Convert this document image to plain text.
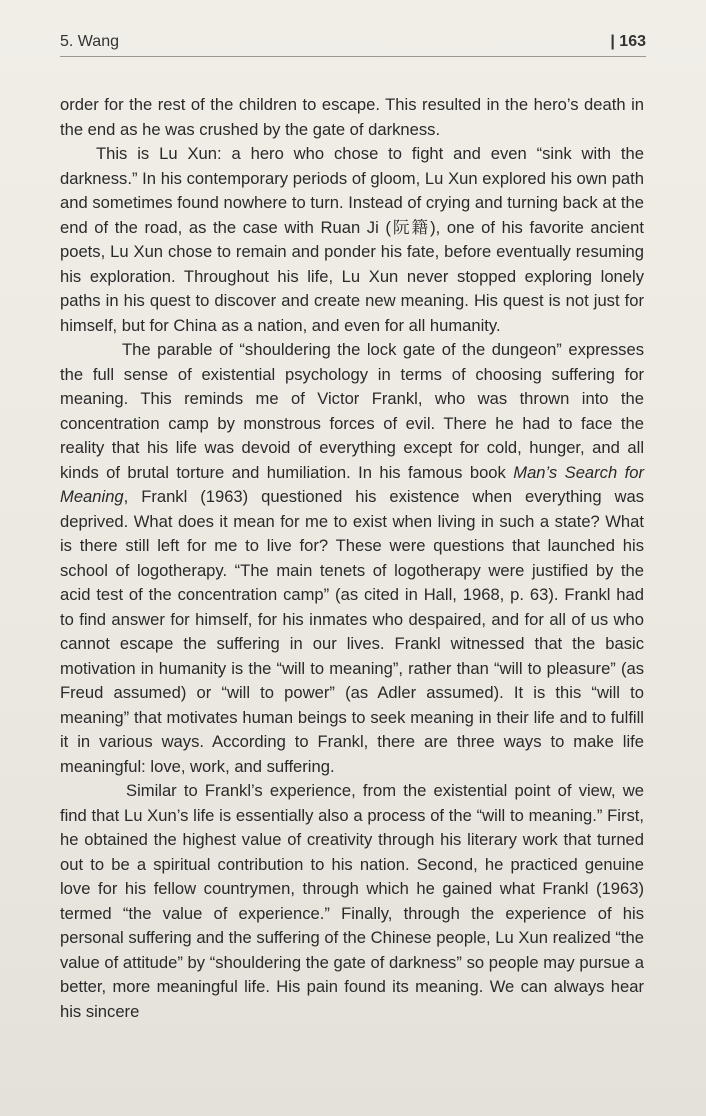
5. Wang	| 163

order for the rest of the children to escape. This resulted in the hero’s death in the end as he was crushed by the gate of darkness.

This is Lu Xun: a hero who chose to fight and even “sink with the darkness.” In his contemporary periods of gloom, Lu Xun explored his own path and sometimes found nowhere to turn. Instead of crying and turning back at the end of the road, as the case with Ruan Ji (阮籍), one of his favorite ancient poets, Lu Xun chose to remain and ponder his fate, before eventually resuming his exploration. Throughout his life, Lu Xun never stopped exploring lonely paths in his quest to discover and create new meaning. His quest is not just for himself, but for China as a nation, and even for all humanity.

The parable of “shouldering the lock gate of the dungeon” expresses the full sense of existential psychology in terms of choosing suffering for meaning. This reminds me of Victor Frankl, who was thrown into the concentration camp by monstrous forces of evil. There he had to face the reality that his life was devoid of everything except for cold, hunger, and all kinds of brutal torture and humiliation. In his famous book Man’s Search for Meaning, Frankl (1963) questioned his existence when everything was deprived. What does it mean for me to exist when living in such a state? What is there still left for me to live for? These were questions that launched his school of logotherapy. “The main tenets of logotherapy were justified by the acid test of the concentration camp” (as cited in Hall, 1968, p. 63). Frankl had to find answer for himself, for his inmates who despaired, and for all of us who cannot escape the suffering in our lives. Frankl witnessed that the basic motivation in humanity is the “will to meaning”, rather than “will to pleasure” (as Freud assumed) or “will to power” (as Adler assumed). It is this “will to meaning” that motivates human beings to seek meaning in their life and to fulfill it in various ways. According to Frankl, there are three ways to make life meaningful: love, work, and suffering.

Similar to Frankl’s experience, from the existential point of view, we find that Lu Xun’s life is essentially also a process of the “will to meaning.” First, he obtained the highest value of creativity through his literary work that turned out to be a spiritual contribution to his nation. Second, he practiced genuine love for his fellow countrymen, through which he gained what Frankl (1963) termed “the value of experience.” Finally, through the experience of his personal suffering and the suffering of the Chinese people, Lu Xun realized “the value of attitude” by “shouldering the gate of darkness” so people may pursue a better, more meaningful life. His pain found its meaning. We can always hear his sincere
